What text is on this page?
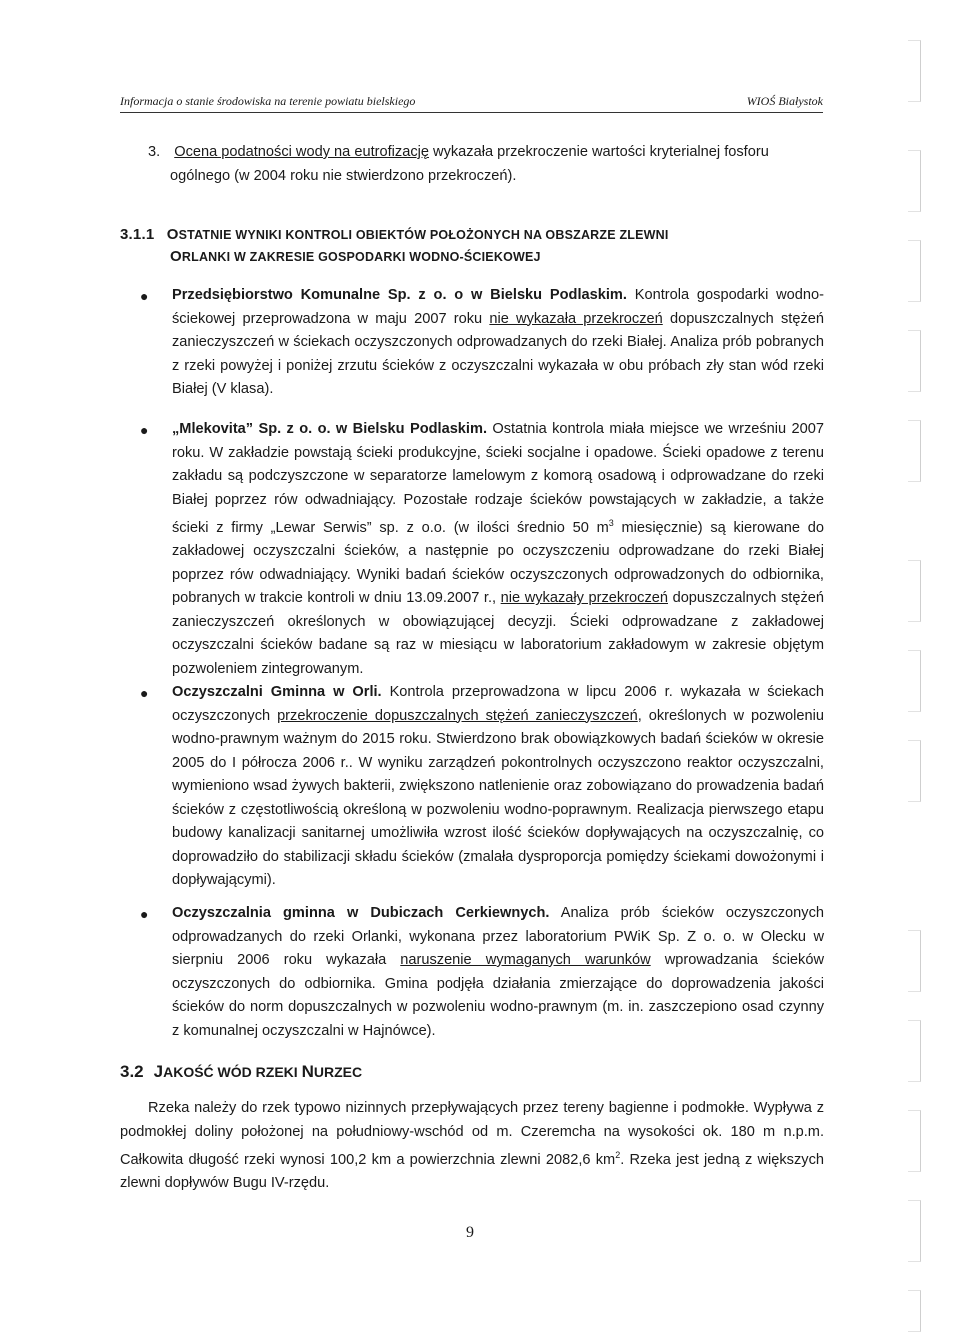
Informacja o stanie środowiska na terenie powiatu bielskiego	WIOŚ Białystok
3. Ocena podatności wody na eutrofizację wykazała przekroczenie wartości kryterialnej fosforu
ogólnego (w 2004 roku nie stwierdzono przekroczeń).
3.1.1 OSTATNIE WYNIKI KONTROLI OBIEKTÓW POŁOŻONYCH NA OBSZARZE ZLEWNI
ORLANKI W ZAKRESIE GOSPODARKI WODNO-ŚCIEKOWEJ
● Przedsiębiorstwo Komunalne Sp. z o. o w Bielsku Podlaskim. Kontrola gospodarki wodno-ściekowej przeprowadzona w maju 2007 roku nie wykazała przekroczeń dopuszczalnych stężeń zanieczyszczeń w ściekach oczyszczonych odprowadzanych do rzeki Białej. Analiza prób pobranych z rzeki powyżej i poniżej zrzutu ścieków z oczyszczalni wykazała w obu próbach zły stan wód rzeki Białej (V klasa).

● „Mlekovita” Sp. z o. o. w Bielsku Podlaskim. Ostatnia kontrola miała miejsce we wrześniu 2007 roku. W zakładzie powstają ścieki produkcyjne, ścieki socjalne i opadowe. Ścieki opadowe z terenu zakładu są podczyszczone w separatorze lamelowym z komorą osadową i odprowadzane do rzeki Białej poprzez rów odwadniający. Pozostałe rodzaje ścieków powstających w zakładzie, a także ścieki z firmy „Lewar Serwis” sp. z o.o. (w ilości średnio 50 $m^3$ miesięcznie) są kierowane do zakładowej oczyszczalni ścieków, a następnie po oczyszczeniu odprowadzane do rzeki Białej poprzez rów odwadniający. Wyniki badań ścieków oczyszczonych odprowadzonych do odbiornika, pobranych w trakcie kontroli w dniu 13.09.2007 r., nie wykazały przekroczeń dopuszczalnych stężeń zanieczyszczeń określonych w obowiązującej decyzji. Ścieki odprowadzane z zakładowej oczyszczalni ścieków badane są raz w miesiącu w laboratorium zakładowym w zakresie objętym pozwoleniem zintegrowanym.

● Oczyszczalni Gminna w Orli. Kontrola przeprowadzona w lipcu 2006 r. wykazała w ściekach oczyszczonych przekroczenie dopuszczalnych stężeń zanieczyszczeń, określonych w pozwoleniu wodno-prawnym ważnym do 2015 roku. Stwierdzono brak obowiązkowych badań ścieków w okresie 2005 do I półrocza 2006 r.. W wyniku zarządzeń pokontrolnych oczyszczono reaktor oczyszczalni, wymieniono wsad żywych bakterii, zwiększono natlenienie oraz zobowiązano do prowadzenia badań ścieków z częstotliwością określoną w pozwoleniu wodno-poprawnym. Realizacja pierwszego etapu budowy kanalizacji sanitarnej umożliwiła wzrost ilość ścieków dopływających na oczyszczalnię, co doprowadziło do stabilizacji składu ścieków (zmalała dysproporcja pomiędzy ściekami dowożonymi i dopływającymi).

● Oczyszczalnia gminna w Dubiczach Cerkiewnych. Analiza prób ścieków oczyszczonych odprowadzanych do rzeki Orlanki, wykonana przez laboratorium PWiK Sp. Z o. o. w Olecku w sierpniu 2006 roku wykazała naruszenie wymaganych warunków wprowadzania ścieków oczyszczonych do odbiornika. Gmina podjęła działania zmierzające do doprowadzenia jakości ścieków do norm dopuszczalnych w pozwoleniu wodno-prawnym (m. in. zaszczepiono osad czynny z komunalnej oczyszczalni w Hajnówce).

3.2 JAKOŚĆ WÓD RZEKI NURZEC

Rzeka należy do rzek typowo nizinnych przepływających przez tereny bagienne i podmokłe. Wypływa z podmokłej doliny położonej na południowy-wschód od m. Czeremcha na wysokości ok. 180 m n.p.m. Całkowita długość rzeki wynosi 100,2 km a powierzchnia zlewni 2082,6 $km^2$. Rzeka jest jedną z większych zlewni dopływów Bugu IV-rzędu.

9
